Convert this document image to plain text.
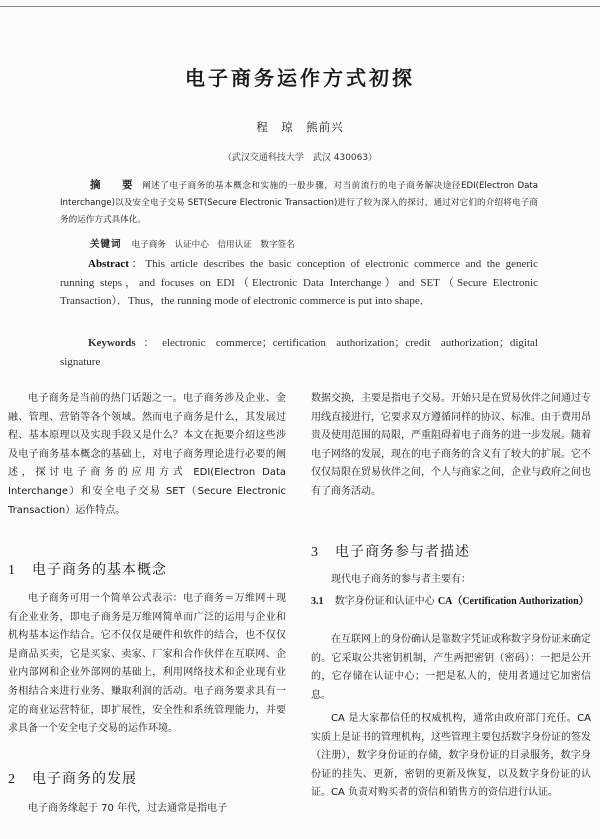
电子商务运作方式初探
程　琼　熊前兴
（武汉交通科技大学　武汉 430063）
摘　要 阐述了电子商务的基本概念和实施的一般步骤，对当前流行的电子商务解决途径EDI(Electron Data Interchange)以及安全电子交易 SET(Secure Electronic Transaction)进行了较为深入的探讨，通过对它们的介绍将电子商务的运作方式具体化。
关键词 电子商务　认证中心　信用认证　数字签名
Abstract：This article describes the basic conception of electronic commerce and the generic running steps，and focuses on EDI（Electronic Data Interchange）and SET（Secure Electronic Transaction）．Thus，the running mode of electronic commerce is put into shape．
Keywords：electronic commerce；certification authorization；credit authorization；digital signature

电子商务是当前的热门话题之一。电子商务涉及企业、金融、管理、营销等各个领域。然而电子商务是什么，其发展过程、基本原理以及实现手段又是什么？本文在扼要介绍这些涉及电子商务基本概念的基础上，对电子商务理论进行必要的阐述，探讨电子商务的应用方式 EDI(Electron Data Interchange）和安全电子交易 SET（Secure Electronic Transaction）运作特点。

1 电子商务的基本概念

电子商务可用一个简单公式表示：电子商务＝万维网＋现有企业业务，即电子商务是万维网简单而广泛的运用与企业和机构基本运作结合。它不仅仅是硬件和软件的结合，也不仅仅是商品买卖，它是买家、卖家、厂家和合作伙伴在互联网、企业内部网和企业外部网的基础上，利用网络技术和企业现有业务相结合来进行业务、赚取利润的活动。电子商务要求具有一定的商业运营特征，即扩展性，安全性和系统管理能力，并要求具备一个安全电子交易的运作环境。

2 电子商务的发展

电子商务缘起于 70 年代，过去通常是指电子

数据交换，主要是指电子交易。开始只是在贸易伙伴之间通过专用线直接进行，它要求双方遵循同样的协议、标准。由于费用昂贵及使用范围的局限，严重阻碍着电子商务的进一步发展。随着电子网络的发展，现在的电子商务的含义有了较大的扩展。它不仅仅局限在贸易伙伴之间，个人与商家之间，企业与政府之间也有了商务活动。

3 电子商务参与者描述

现代电子商务的参与者主要有：

3.1 数字身份证和认证中心 CA（Certification Authorization）

在互联网上的身份确认是靠数字凭证或称数字身份证来确定的。它采取公共密钥机制，产生两把密钥（密码）：一把是公开的，它存储在认证中心；一把是私人的，使用者通过它加密信息。

CA 是大家都信任的权威机构，通常由政府部门充任。CA 实质上是证书的管理机构，这些管理主要包括数字身份证的签发（注册），数字身份证的存储，数字身份证的目录服务，数字身份证的挂失、更新，密钥的更新及恢复，以及数字身份证的认证。CA 负责对购买者的资信和销售方的资信进行认证。
